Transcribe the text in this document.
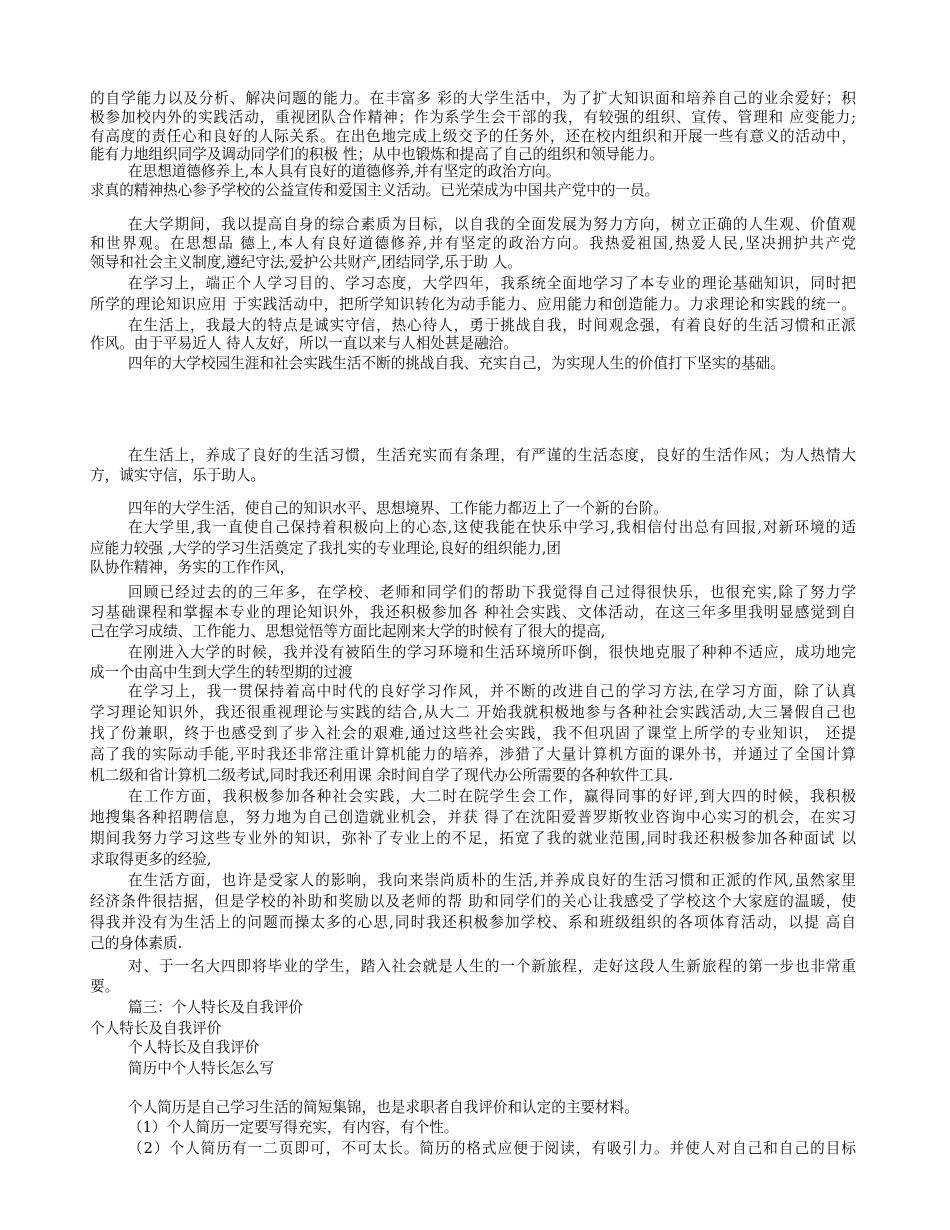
的自学能力以及分析、解决问题的能力。在丰富多 彩的大学生活中，为了扩大知识面和培养自己的业余爱好；积
极参加校内外的实践活动，重视团队合作精神；作为系学生会干部的我，有较强的组织、宣传、管理和 应变能力;
有高度的责任心和良好的人际关系。在出色地完成上级交予的任务外，还在校内组织和开展一些有意义的活动中，
能有力地组织同学及调动同学们的积极 性；从中也锻炼和提高了自己的组织和领导能力。
在思想道德修养上,本人具有良好的道德修养,并有坚定的政治方向。
求真的精神热心参予学校的公益宣传和爱国主义活动。已光荣成为中国共产党中的一员。
在大学期间，我以提高自身的综合素质为目标，以自我的全面发展为努力方向，树立正确的人生观、价值观
和世界观。在思想品 德上,本人有良好道德修养,并有坚定的政治方向。我热爱祖国,热爱人民,坚决拥护共产党
领导和社会主义制度,遵纪守法,爱护公共财产,团结同学,乐于助 人。
在学习上，端正个人学习目的、学习态度，大学四年，我系统全面地学习了本专业的理论基础知识，同时把
所学的理论知识应用 于实践活动中，把所学知识转化为动手能力、应用能力和创造能力。力求理论和实践的统一。
在生活上，我最大的特点是诚实守信，热心待人，勇于挑战自我，时间观念强，有着良好的生活习惯和正派
作风。由于平易近人 待人友好，所以一直以来与人相处甚是融洽。
四年的大学校园生涯和社会实践生活不断的挑战自我、充实自己，为实现人生的价值打下坚实的基础。
在生活上，养成了良好的生活习惯，生活充实而有条理，有严谨的生活态度，良好的生活作风；为人热情大
方，诚实守信，乐于助人。
四年的大学生活，使自己的知识水平、思想境界、工作能力都迈上了一个新的台阶。
在大学里,我一直使自己保持着积极向上的心态,这使我能在快乐中学习,我相信付出总有回报,对新环境的适
应能力较强 ,大学的学习生活奠定了我扎实的专业理论,良好的组织能力,团
队协作精神，务实的工作作风，
回顾已经过去的的三年多，在学校、老师和同学们的帮助下我觉得自己过得很快乐，也很充实,除了努力学
习基础课程和掌握本专业的理论知识外，我还积极参加各 种社会实践、文体活动，在这三年多里我明显感觉到自
己在学习成绩、工作能力、思想觉悟等方面比起刚来大学的时候有了很大的提高,
在刚进入大学的时候，我并没有被陌生的学习环境和生活环境所吓倒，很快地克服了种种不适应，成功地完
成一个由高中生到大学生的转型期的过渡
在学习上，我一贯保持着高中时代的良好学习作风，并不断的改进自己的学习方法,在学习方面，除了认真
学习理论知识外，我还很重视理论与实践的结合,从大二 开始我就积极地参与各种社会实践活动,大三暑假自己也
找了份兼职，终于也感受到了步入社会的艰难,通过这些社会实践，我不但巩固了课堂上所学的专业知识， 还提
高了我的实际动手能,平时我还非常注重计算机能力的培养，涉猎了大量计算机方面的课外书，并通过了全国计算
机二级和省计算机二级考试,同时我还利用课 余时间自学了现代办公所需要的各种软件工具.
在工作方面，我积极参加各种社会实践，大二时在院学生会工作，赢得同事的好评,到大四的时候，我积极
地搜集各种招聘信息，努力地为自己创造就业机会，并获 得了在沈阳爱普罗斯牧业咨询中心实习的机会，在实习
期间我努力学习这些专业外的知识，弥补了专业上的不足，拓宽了我的就业范围,同时我还积极参加各种面试 以
求取得更多的经验,
在生活方面，也许是受家人的影响，我向来崇尚质朴的生活,并养成良好的生活习惯和正派的作风,虽然家里
经济条件很拮据，但是学校的补助和奖励以及老师的帮 助和同学们的关心让我感受了学校这个大家庭的温暖，使
得我并没有为生活上的问题而操太多的心思,同时我还积极参加学校、系和班级组织的各项体育活动，以提 高自
己的身体素质.
对、于一名大四即将毕业的学生，踏入社会就是人生的一个新旅程，走好这段人生新旅程的第一步也非常重
要。
篇三：个人特长及自我评价
个人特长及自我评价
个人特长及自我评价
简历中个人特长怎么写
个人简历是自己学习生活的简短集锦，也是求职者自我评价和认定的主要材料。
（1）个人简历一定要写得充实，有内容，有个性。
（2）个人简历有一二页即可，不可太长。简历的格式应便于阅读，有吸引力。并使人对自己和自己的目标
